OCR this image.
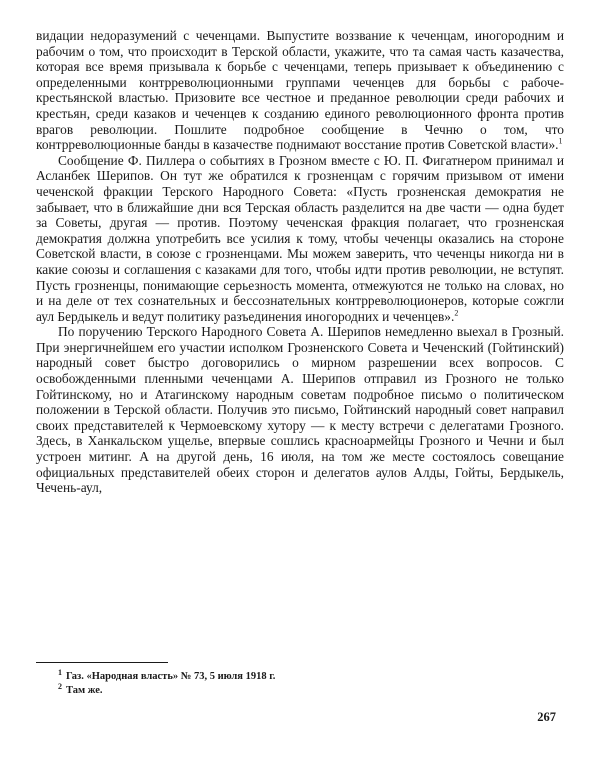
видации недоразумений с чеченцами. Выпустите воззвание к чеченцам, иногородним и рабочим о том, что происходит в Терской области, укажите, что та самая часть казачества, которая все время призывала к борьбе с чеченцами, теперь призывает к объединению с определенными контрреволюционными группами чеченцев для борьбы с рабоче-крестьянской властью. Призовите все честное и преданное революции среди рабочих и крестьян, среди казаков и чеченцев к созданию единого революционного фронта против врагов революции. Пошлите подробное сообщение в Чечню о том, что контрреволюционные банды в казачестве поднимают восстание против Советской власти».$^1$

Сообщение Ф. Пиллера о событиях в Грозном вместе с Ю. П. Фигатнером принимал и Асланбек Шерипов. Он тут же обратился к грозненцам с горячим призывом от имени чеченской фракции Терского Народного Совета: «Пусть грозненская демократия не забывает, что в ближайшие дни вся Терская область разделится на две части — одна будет за Советы, другая — против. Поэтому чеченская фракция полагает, что грозненская демократия должна употребить все усилия к тому, чтобы чеченцы оказались на стороне Советской власти, в союзе с грозненцами. Мы можем заверить, что чеченцы никогда ни в какие союзы и соглашения с казаками для того, чтобы идти против революции, не вступят. Пусть грозненцы, понимающие серьезность момента, отмежуются не только на словах, но и на деле от тех сознательных и бессознательных контрреволюционеров, которые сожгли аул Бердыкель и ведут политику разъединения иногородних и чеченцев».$^2$

По поручению Терского Народного Совета А. Шерипов немедленно выехал в Грозный. При энергичнейшем его участии исполком Грозненского Совета и Чеченский (Гойтинский) народный совет быстро договорились о мирном разрешении всех вопросов. С освобожденными пленными чеченцами А. Шерипов отправил из Грозного не только Гойтинскому, но и Атагинскому народным советам подробное письмо о политическом положении в Терской области. Получив это письмо, Гойтинский народный совет направил своих представителей к Чермоевскому хутору — к месту встречи с делегатами Грозного. Здесь, в Ханкальском ущелье, впервые сошлись красноармейцы Грозного и Чечни и был устроен митинг. А на другой день, 16 июля, на том же месте состоялось совещание официальных представителей обеих сторон и делегатов аулов Алды, Гойты, Бердыкель, Чечень-аул,

$^1$ Газ. «Народная власть» № 73, 5 июля 1918 г.

$^2$ Там же.

267
